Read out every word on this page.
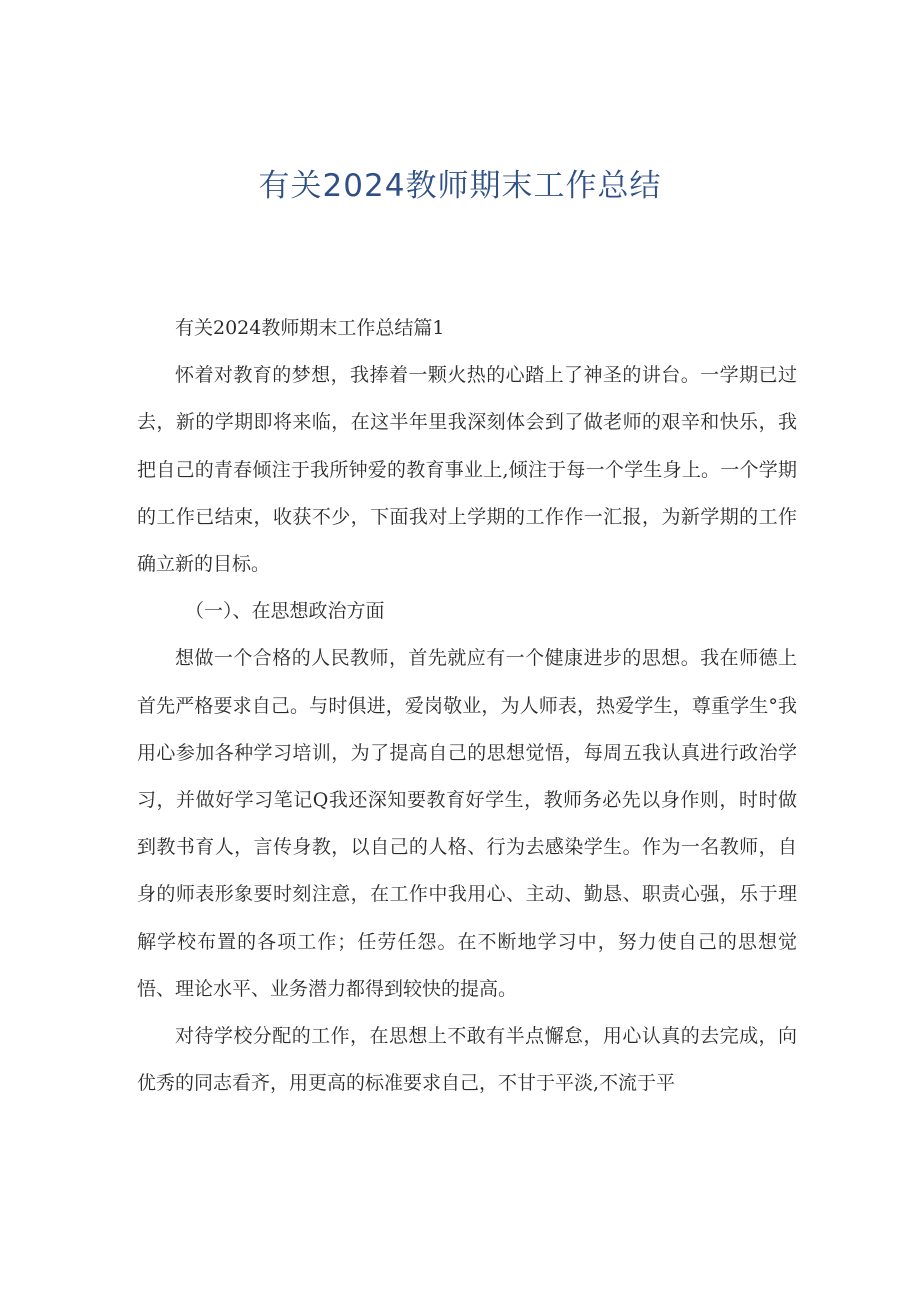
有关2024教师期末工作总结

有关2024教师期末工作总结篇1

怀着对教育的梦想，我捧着一颗火热的心踏上了神圣的讲台。一学期已过去，新的学期即将来临，在这半年里我深刻体会到了做老师的艰辛和快乐，我把自己的青春倾注于我所钟爱的教育事业上,倾注于每一个学生身上。一个学期的工作已结束，收获不少，下面我对上学期的工作作一汇报，为新学期的工作确立新的目标。

（一）、在思想政治方面

想做一个合格的人民教师，首先就应有一个健康进步的思想。我在师德上首先严格要求自己。与时俱进，爱岗敬业，为人师表，热爱学生，尊重学生°我用心参加各种学习培训，为了提高自己的思想觉悟，每周五我认真进行政治学习，并做好学习笔记Q我还深知要教育好学生，教师务必先以身作则，时时做到教书育人，言传身教，以自己的人格、行为去感染学生。作为一名教师，自身的师表形象要时刻注意，在工作中我用心、主动、勤恳、职责心强，乐于理解学校布置的各项工作；任劳任怨。在不断地学习中，努力使自己的思想觉悟、理论水平、业务潜力都得到较快的提高。

对待学校分配的工作，在思想上不敢有半点懈怠，用心认真的去完成，向优秀的同志看齐，用更高的标准要求自己，不甘于平淡,不流于平
